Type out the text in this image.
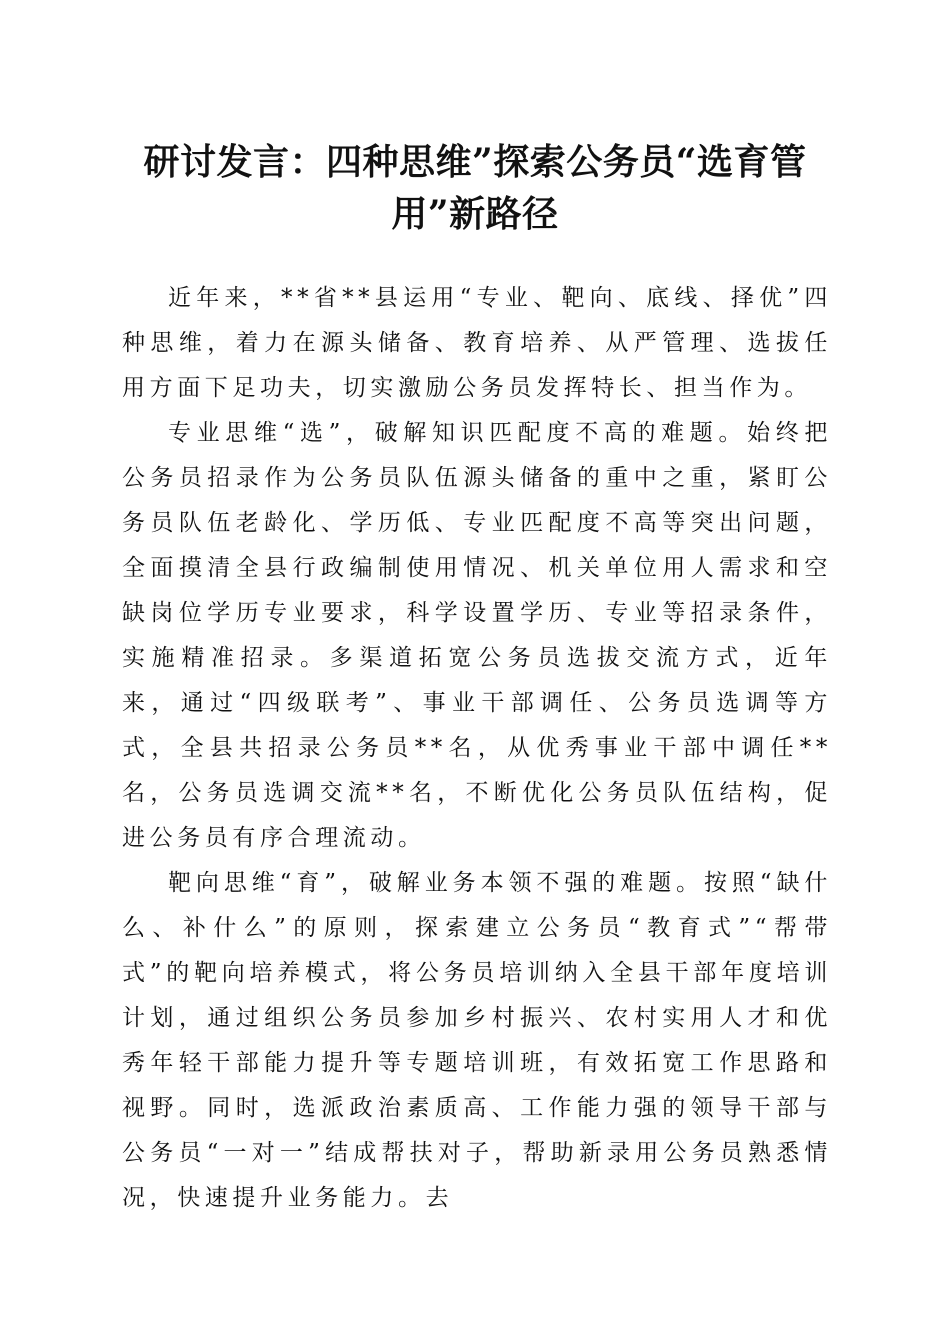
研讨发言：四种思维”探索公务员“选育管用”新路径

近年来，**省**县运用“专业、靶向、底线、择优”四种思维，着力在源头储备、教育培养、从严管理、选拔任用方面下足功夫，切实激励公务员发挥特长、担当作为。

专业思维“选”，破解知识匹配度不高的难题。始终把公务员招录作为公务员队伍源头储备的重中之重，紧盯公务员队伍老龄化、学历低、专业匹配度不高等突出问题，全面摸清全县行政编制使用情况、机关单位用人需求和空缺岗位学历专业要求，科学设置学历、专业等招录条件，实施精准招录。多渠道拓宽公务员选拔交流方式，近年来，通过“四级联考”、事业干部调任、公务员选调等方式，全县共招录公务员**名，从优秀事业干部中调任**名，公务员选调交流**名，不断优化公务员队伍结构，促进公务员有序合理流动。

靶向思维“育”，破解业务本领不强的难题。按照“缺什么、补什么”的原则，探索建立公务员“教育式”“帮带式”的靶向培养模式，将公务员培训纳入全县干部年度培训计划，通过组织公务员参加乡村振兴、农村实用人才和优秀年轻干部能力提升等专题培训班，有效拓宽工作思路和视野。同时，选派政治素质高、工作能力强的领导干部与公务员“一对一”结成帮扶对子，帮助新录用公务员熟悉情况，快速提升业务能力。去
